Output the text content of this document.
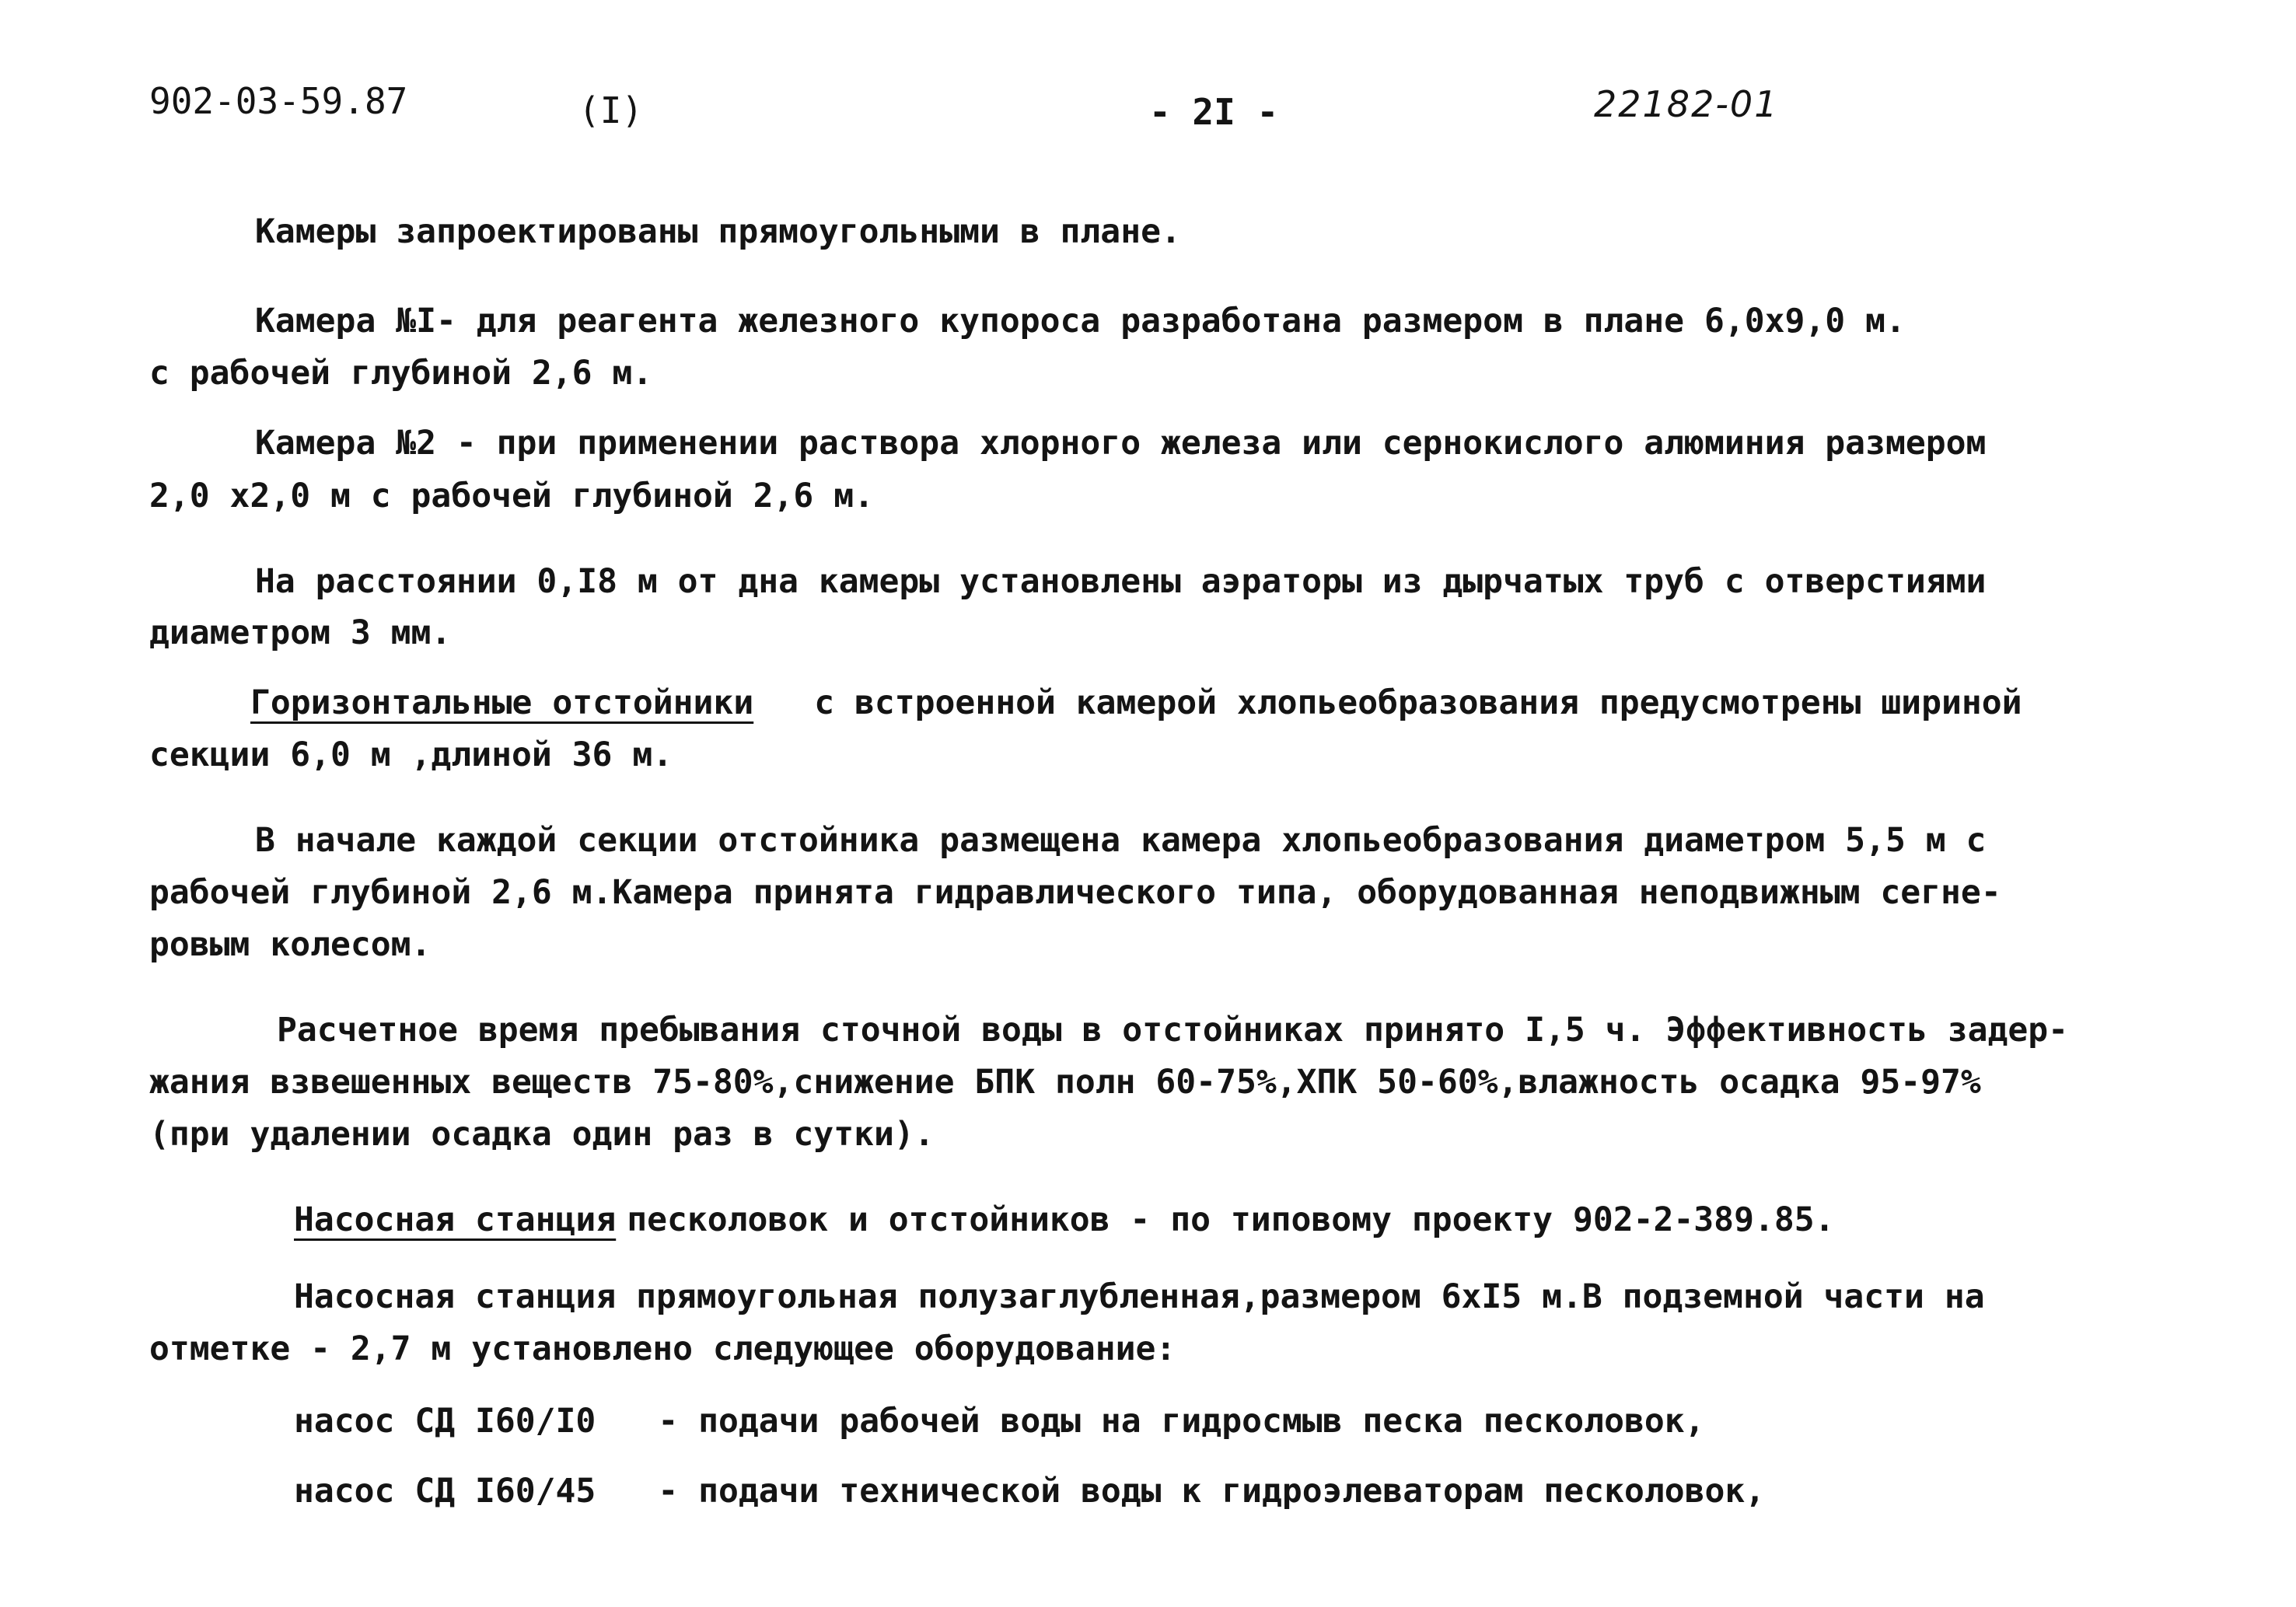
902-03-59.87	(I)	- 2I -	22182-01
Камеры запроектированы прямоугольными в плане.
Камера №I- для реагента железного купороса разработана размером в плане 6,0x9,0 м.
с рабочей глубиной 2,6 м.
Камера №2 - при применении раствора хлорного железа или сернокислого алюминия размером
2,0 x2,0 м с рабочей глубиной 2,6 м.
На расстоянии 0,I8 м от дна камеры установлены аэраторы из дырчатых труб с отверстиями
диаметром 3 мм.
Горизонтальные отстойники с встроенной камерой хлопьеобразования предусмотрены шириной
секции 6,0 м ,длиной 36 м.
В начале каждой секции отстойника размещена камера хлопьеобразования диаметром 5,5 м с
рабочей глубиной 2,6 м.Камера принята гидравлического типа, оборудованная неподвижным сегне-
ровым колесом.
Расчетное время пребывания сточной воды в отстойниках принято I,5 ч. Эффективность задер-
жания взвешенных веществ 75-80%,снижение БПК полн 60-75%,ХПК 50-60%,влажность осадка 95-97%
(при удалении осадка один раз в сутки).
Насосная станция песколовок и отстойников - по типовому проекту 902-2-389.85.
Насосная станция прямоугольная полузаглубленная,размером 6xI5 м.В подземной части на
отметке - 2,7 м установлено следующее оборудование:
насос СД I60/I0 - подачи рабочей воды на гидросмыв песка песколовок,
насос СД I60/45 - подачи технической воды к гидроэлеваторам песколовок,
